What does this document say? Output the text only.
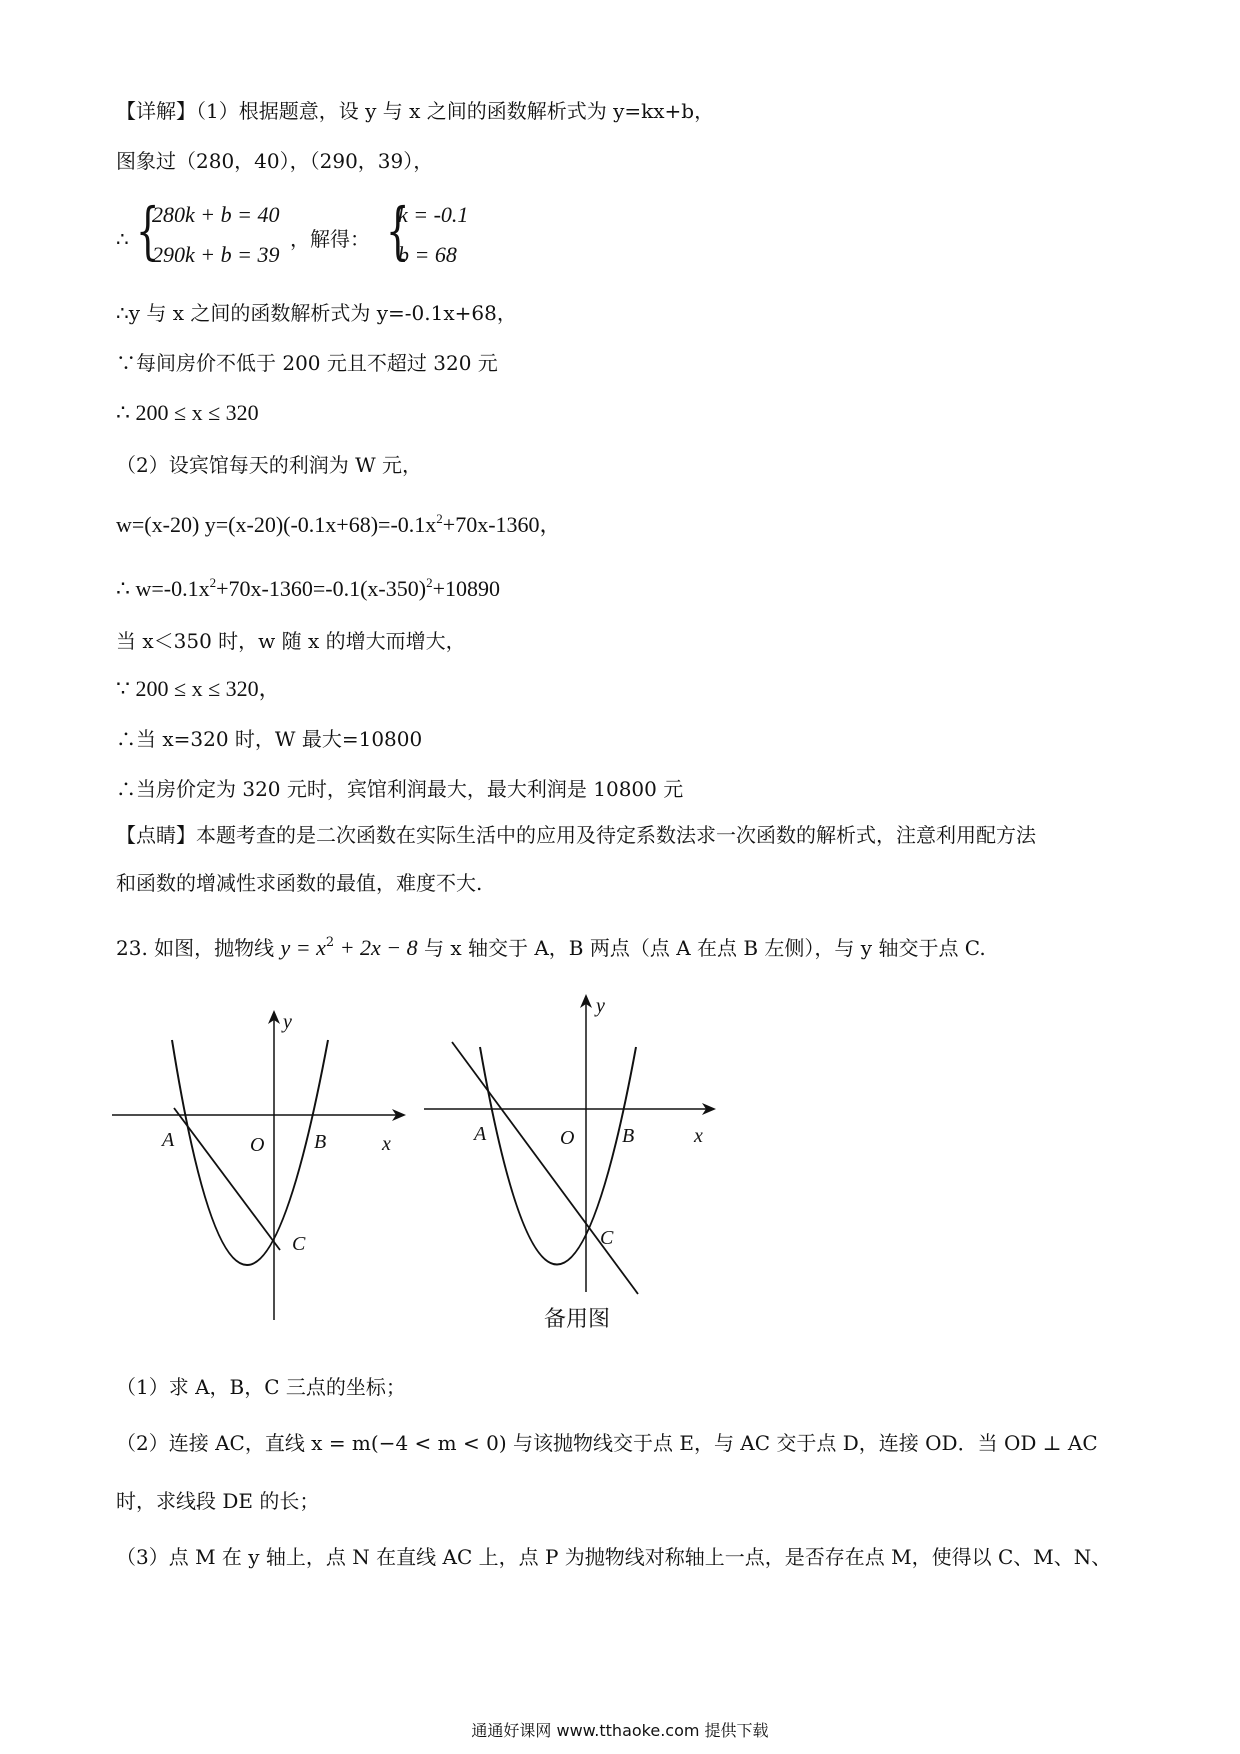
【详解】（1）根据题意，设 y 与 x 之间的函数解析式为 y=kx+b，
图象过（280，40），（290，39），
∴ {
280k + b = 40
290k + b = 39
，解得： {
k = -0.1
b = 68
∴y 与 x 之间的函数解析式为 y=-0.1x+68，
∵每间房价不低于 200 元且不超过 320 元
∴ 200 ≤ x ≤ 320
（2）设宾馆每天的利润为 W 元，
w=(x-20) $y=(x-20)(-0.1x+68)=-0.1x^2+70x-1360$，
∴ $w=-0.1x^2+70x-1360=-0.1(x-350)^2+10890$
当 x＜350 时，w 随 x 的增大而增大，
∵ 200 ≤ x ≤ 320，
∴当 x=320 时，W 最大=10800
∴当房价定为 320 元时，宾馆利润最大，最大利润是 10800 元
【点睛】本题考查的是二次函数在实际生活中的应用及待定系数法求一次函数的解析式，注意利用配方法
和函数的增减性求函数的最值，难度不大.
23. 如图，抛物线 $y = x^2 + 2x - 8$ 与 x 轴交于 A，B 两点（点 A 在点 B 左侧），与 y 轴交于点 C.
y
x
A	O B
C
y
x
A	O B
C
备用图
（1）求 A，B，C 三点的坐标；
（2）连接 AC，直线 x = m(−4 < m < 0) 与该抛物线交于点 E，与 AC 交于点 D，连接 OD．当 OD ⊥ AC
时，求线段 DE 的长；
（3）点 M 在 y 轴上，点 N 在直线 AC 上，点 P 为抛物线对称轴上一点，是否存在点 M，使得以 C、M、N、
通通好课网 www.tthaoke.com 提供下载
